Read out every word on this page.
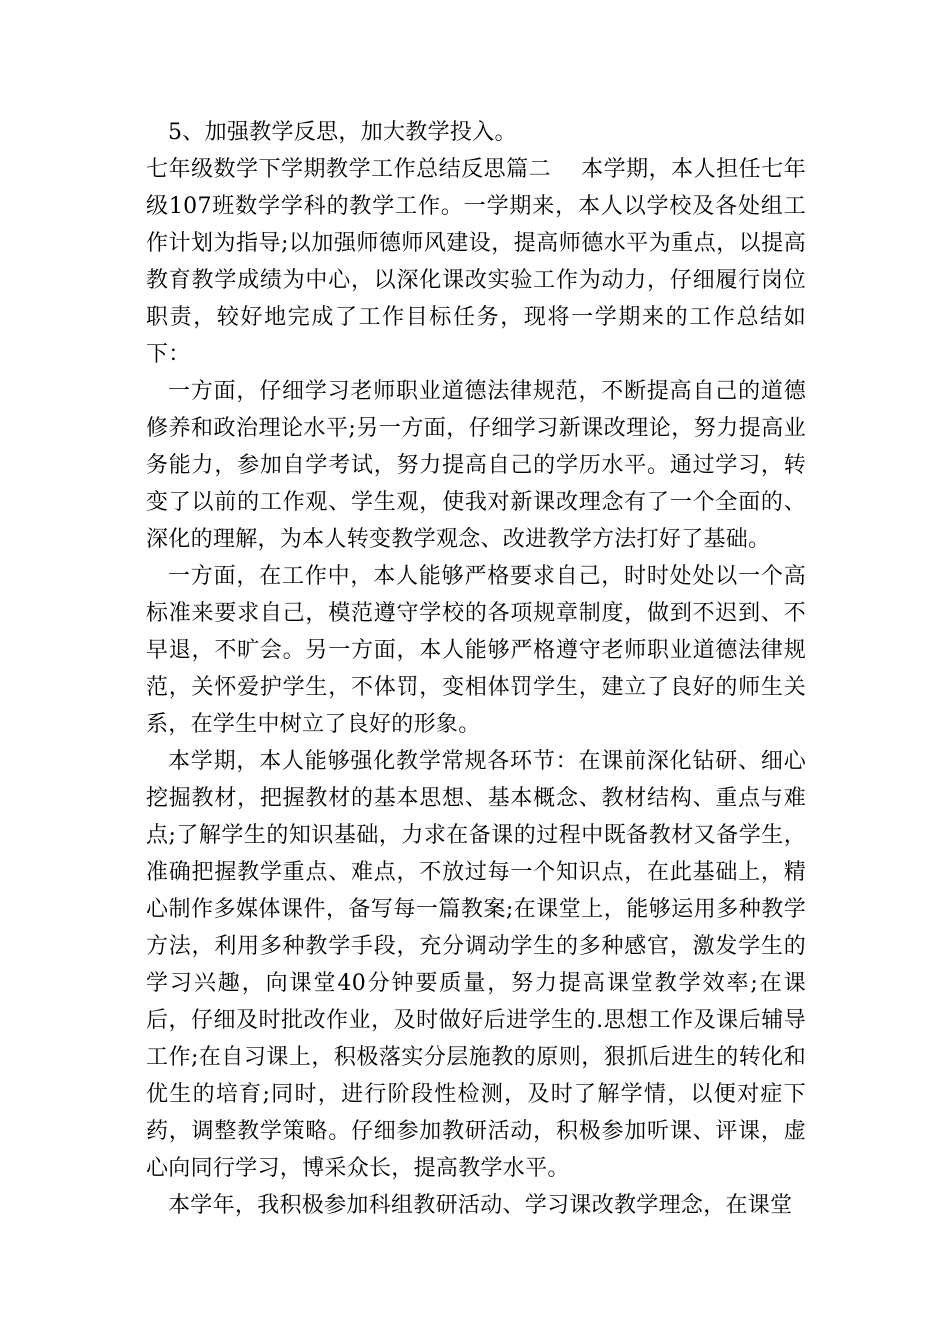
5、加强教学反思，加大教学投入。

七年级数学下学期教学工作总结反思篇二　 本学期，本人担任七年级107班数学学科的教学工作。一学期来，本人以学校及各处组工作计划为指导;以加强师德师风建设，提高师德水平为重点，以提高教育教学成绩为中心，以深化课改实验工作为动力，仔细履行岗位职责，较好地完成了工作目标任务，现将一学期来的工作总结如下：

一方面，仔细学习老师职业道德法律规范，不断提高自己的道德修养和政治理论水平;另一方面，仔细学习新课改理论，努力提高业务能力，参加自学考试，努力提高自己的学历水平。通过学习，转变了以前的工作观、学生观，使我对新课改理念有了一个全面的、深化的理解，为本人转变教学观念、改进教学方法打好了基础。

一方面，在工作中，本人能够严格要求自己，时时处处以一个高标准来要求自己，模范遵守学校的各项规章制度，做到不迟到、不早退，不旷会。另一方面，本人能够严格遵守老师职业道德法律规范，关怀爱护学生，不体罚，变相体罚学生，建立了良好的师生关系，在学生中树立了良好的形象。

本学期，本人能够强化教学常规各环节：在课前深化钻研、细心挖掘教材，把握教材的基本思想、基本概念、教材结构、重点与难点;了解学生的知识基础，力求在备课的过程中既备教材又备学生，准确把握教学重点、难点，不放过每一个知识点，在此基础上，精心制作多媒体课件，备写每一篇教案;在课堂上，能够运用多种教学方法，利用多种教学手段，充分调动学生的多种感官，激发学生的学习兴趣，向课堂40分钟要质量，努力提高课堂教学效率;在课后，仔细及时批改作业，及时做好后进学生的.思想工作及课后辅导工作;在自习课上，积极落实分层施教的原则，狠抓后进生的转化和优生的培育;同时，进行阶段性检测，及时了解学情，以便对症下药，调整教学策略。仔细参加教研活动，积极参加听课、评课，虚心向同行学习，博采众长，提高教学水平。

本学年，我积极参加科组教研活动、学习课改教学理念，在课堂
